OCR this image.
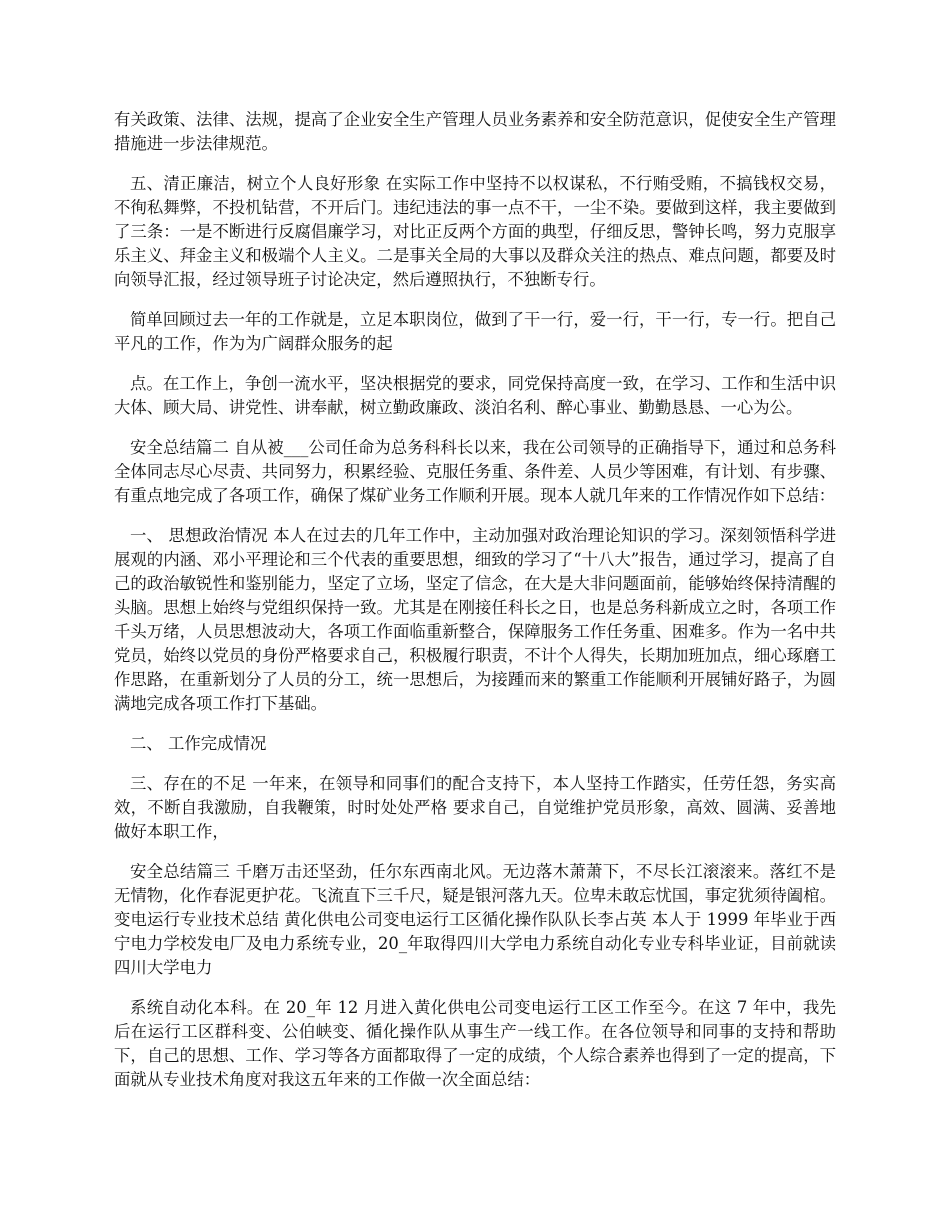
有关政策、法律、法规，提高了企业安全生产管理人员业务素养和安全防范意识，促使安全生产管理措施进一步法律规范。

五、清正廉洁，树立个人良好形象 在实际工作中坚持不以权谋私，不行贿受贿，不搞钱权交易，不徇私舞弊，不投机钻营，不开后门。违纪违法的事一点不干，一尘不染。要做到这样，我主要做到了三条：一是不断进行反腐倡廉学习，对比正反两个方面的典型，仔细反思，警钟长鸣，努力克服享乐主义、拜金主义和极端个人主义。二是事关全局的大事以及群众关注的热点、难点问题，都要及时向领导汇报，经过领导班子讨论决定，然后遵照执行，不独断专行。

简单回顾过去一年的工作就是，立足本职岗位，做到了干一行，爱一行，干一行，专一行。把自己平凡的工作，作为为广阔群众服务的起

点。在工作上，争创一流水平，坚决根据党的要求，同党保持高度一致，在学习、工作和生活中识大体、顾大局、讲党性、讲奉献，树立勤政廉政、淡泊名利、醉心事业、勤勤恳恳、一心为公。

安全总结篇二 自从被___公司任命为总务科科长以来，我在公司领导的正确指导下，通过和总务科全体同志尽心尽责、共同努力，积累经验、克服任务重、条件差、人员少等困难，有计划、有步骤、有重点地完成了各项工作，确保了煤矿业务工作顺利开展。现本人就几年来的工作情况作如下总结：

一、 思想政治情况 本人在过去的几年工作中，主动加强对政治理论知识的学习。深刻领悟科学进展观的内涵、邓小平理论和三个代表的重要思想，细致的学习了“十八大”报告，通过学习，提高了自己的政治敏锐性和鉴别能力，坚定了立场，坚定了信念，在大是大非问题面前，能够始终保持清醒的头脑。思想上始终与党组织保持一致。尤其是在刚接任科长之日，也是总务科新成立之时，各项工作千头万绪，人员思想波动大，各项工作面临重新整合，保障服务工作任务重、困难多。作为一名中共党员，始终以党员的身份严格要求自己，积极履行职责，不计个人得失，长期加班加点，细心琢磨工作思路，在重新划分了人员的分工，统一思想后，为接踵而来的繁重工作能顺利开展铺好路子，为圆满地完成各项工作打下基础。

二、 工作完成情况

三、存在的不足 一年来，在领导和同事们的配合支持下，本人坚持工作踏实，任劳任怨，务实高效，不断自我激励，自我鞭策，时时处处严格 要求自己，自觉维护党员形象，高效、圆满、妥善地做好本职工作，

安全总结篇三 千磨万击还坚劲，任尔东西南北风。无边落木萧萧下，不尽长江滚滚来。落红不是无情物，化作春泥更护花。飞流直下三千尺，疑是银河落九天。位卑未敢忘忧国，事定犹须待阖棺。变电运行专业技术总结 黄化供电公司变电运行工区循化操作队队长李占英 本人于 1999 年毕业于西宁电力学校发电厂及电力系统专业，20_年取得四川大学电力系统自动化专业专科毕业证，目前就读四川大学电力

系统自动化本科。在 20_年 12 月进入黄化供电公司变电运行工区工作至今。在这 7 年中，我先后在运行工区群科变、公伯峡变、循化操作队从事生产一线工作。在各位领导和同事的支持和帮助下，自己的思想、工作、学习等各方面都取得了一定的成绩，个人综合素养也得到了一定的提高，下面就从专业技术角度对我这五年来的工作做一次全面总结：
